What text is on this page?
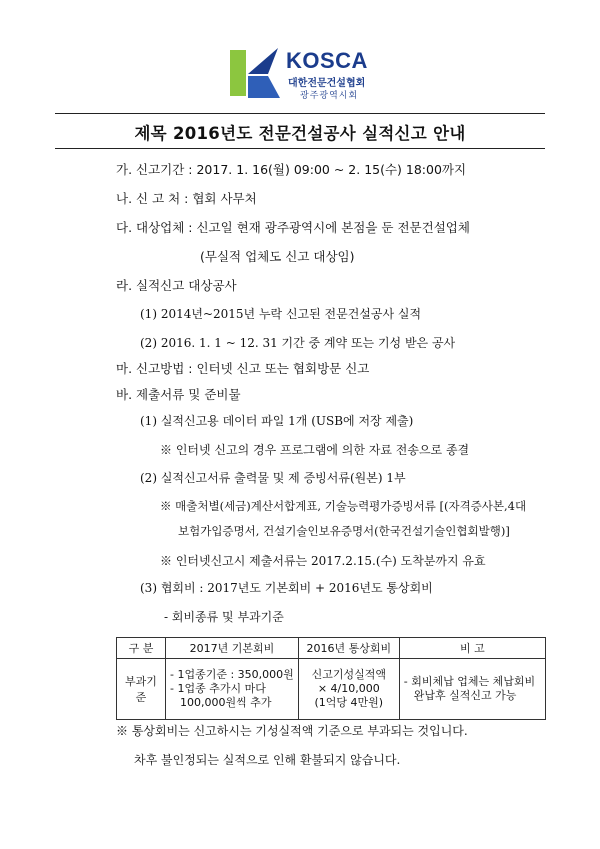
KOSCA
대한전문건설협회
광주광역시회
제목 2016년도 전문건설공사 실적신고 안내
가. 신고기간 : 2017. 1. 16(월) 09:00 ~ 2. 15(수) 18:00까지
나. 신 고 처 : 협회 사무처
다. 대상업체 : 신고일 현재 광주광역시에 본점을 둔 전문건설업체
(무실적 업체도 신고 대상임)
라. 실적신고 대상공사
(1) 2014년~2015년 누락 신고된 전문건설공사 실적
(2) 2016. 1. 1 ~ 12. 31 기간 중 계약 또는 기성 받은 공사
마. 신고방법 : 인터넷 신고 또는 협회방문 신고
바. 제출서류 및 준비물
(1) 실적신고용 데이터 파일 1개 (USB에 저장 제출)
※ 인터넷 신고의 경우 프로그램에 의한 자료 전송으로 종결
(2) 실적신고서류 출력물 및 제 증빙서류(원본) 1부
※ 매출처별(세금)계산서합계표, 기술능력평가증빙서류 [(자격증사본,4대
보험가입증명서, 건설기술인보유증명서(한국건설기술인협회발행)]
※ 인터넷신고시 제출서류는 2017.2.15.(수) 도착분까지 유효
(3) 협회비 : 2017년도 기본회비 + 2016년도 통상회비
- 회비종류 및 부과기준
구 분	2017년 기본회비	2016년 통상회비	비 고
부과기준	- 1업종기준 : 350,000원
- 1업종 추가시 마다
100,000원씩 추가	신고기성실적액
× 4/10,000
(1억당 4만원)	- 회비체납 업체는 체납회비
완납후 실적신고 가능
※ 통상회비는 신고하시는 기성실적액 기준으로 부과되는 것입니다.
차후 불인정되는 실적으로 인해 환불되지 않습니다.
